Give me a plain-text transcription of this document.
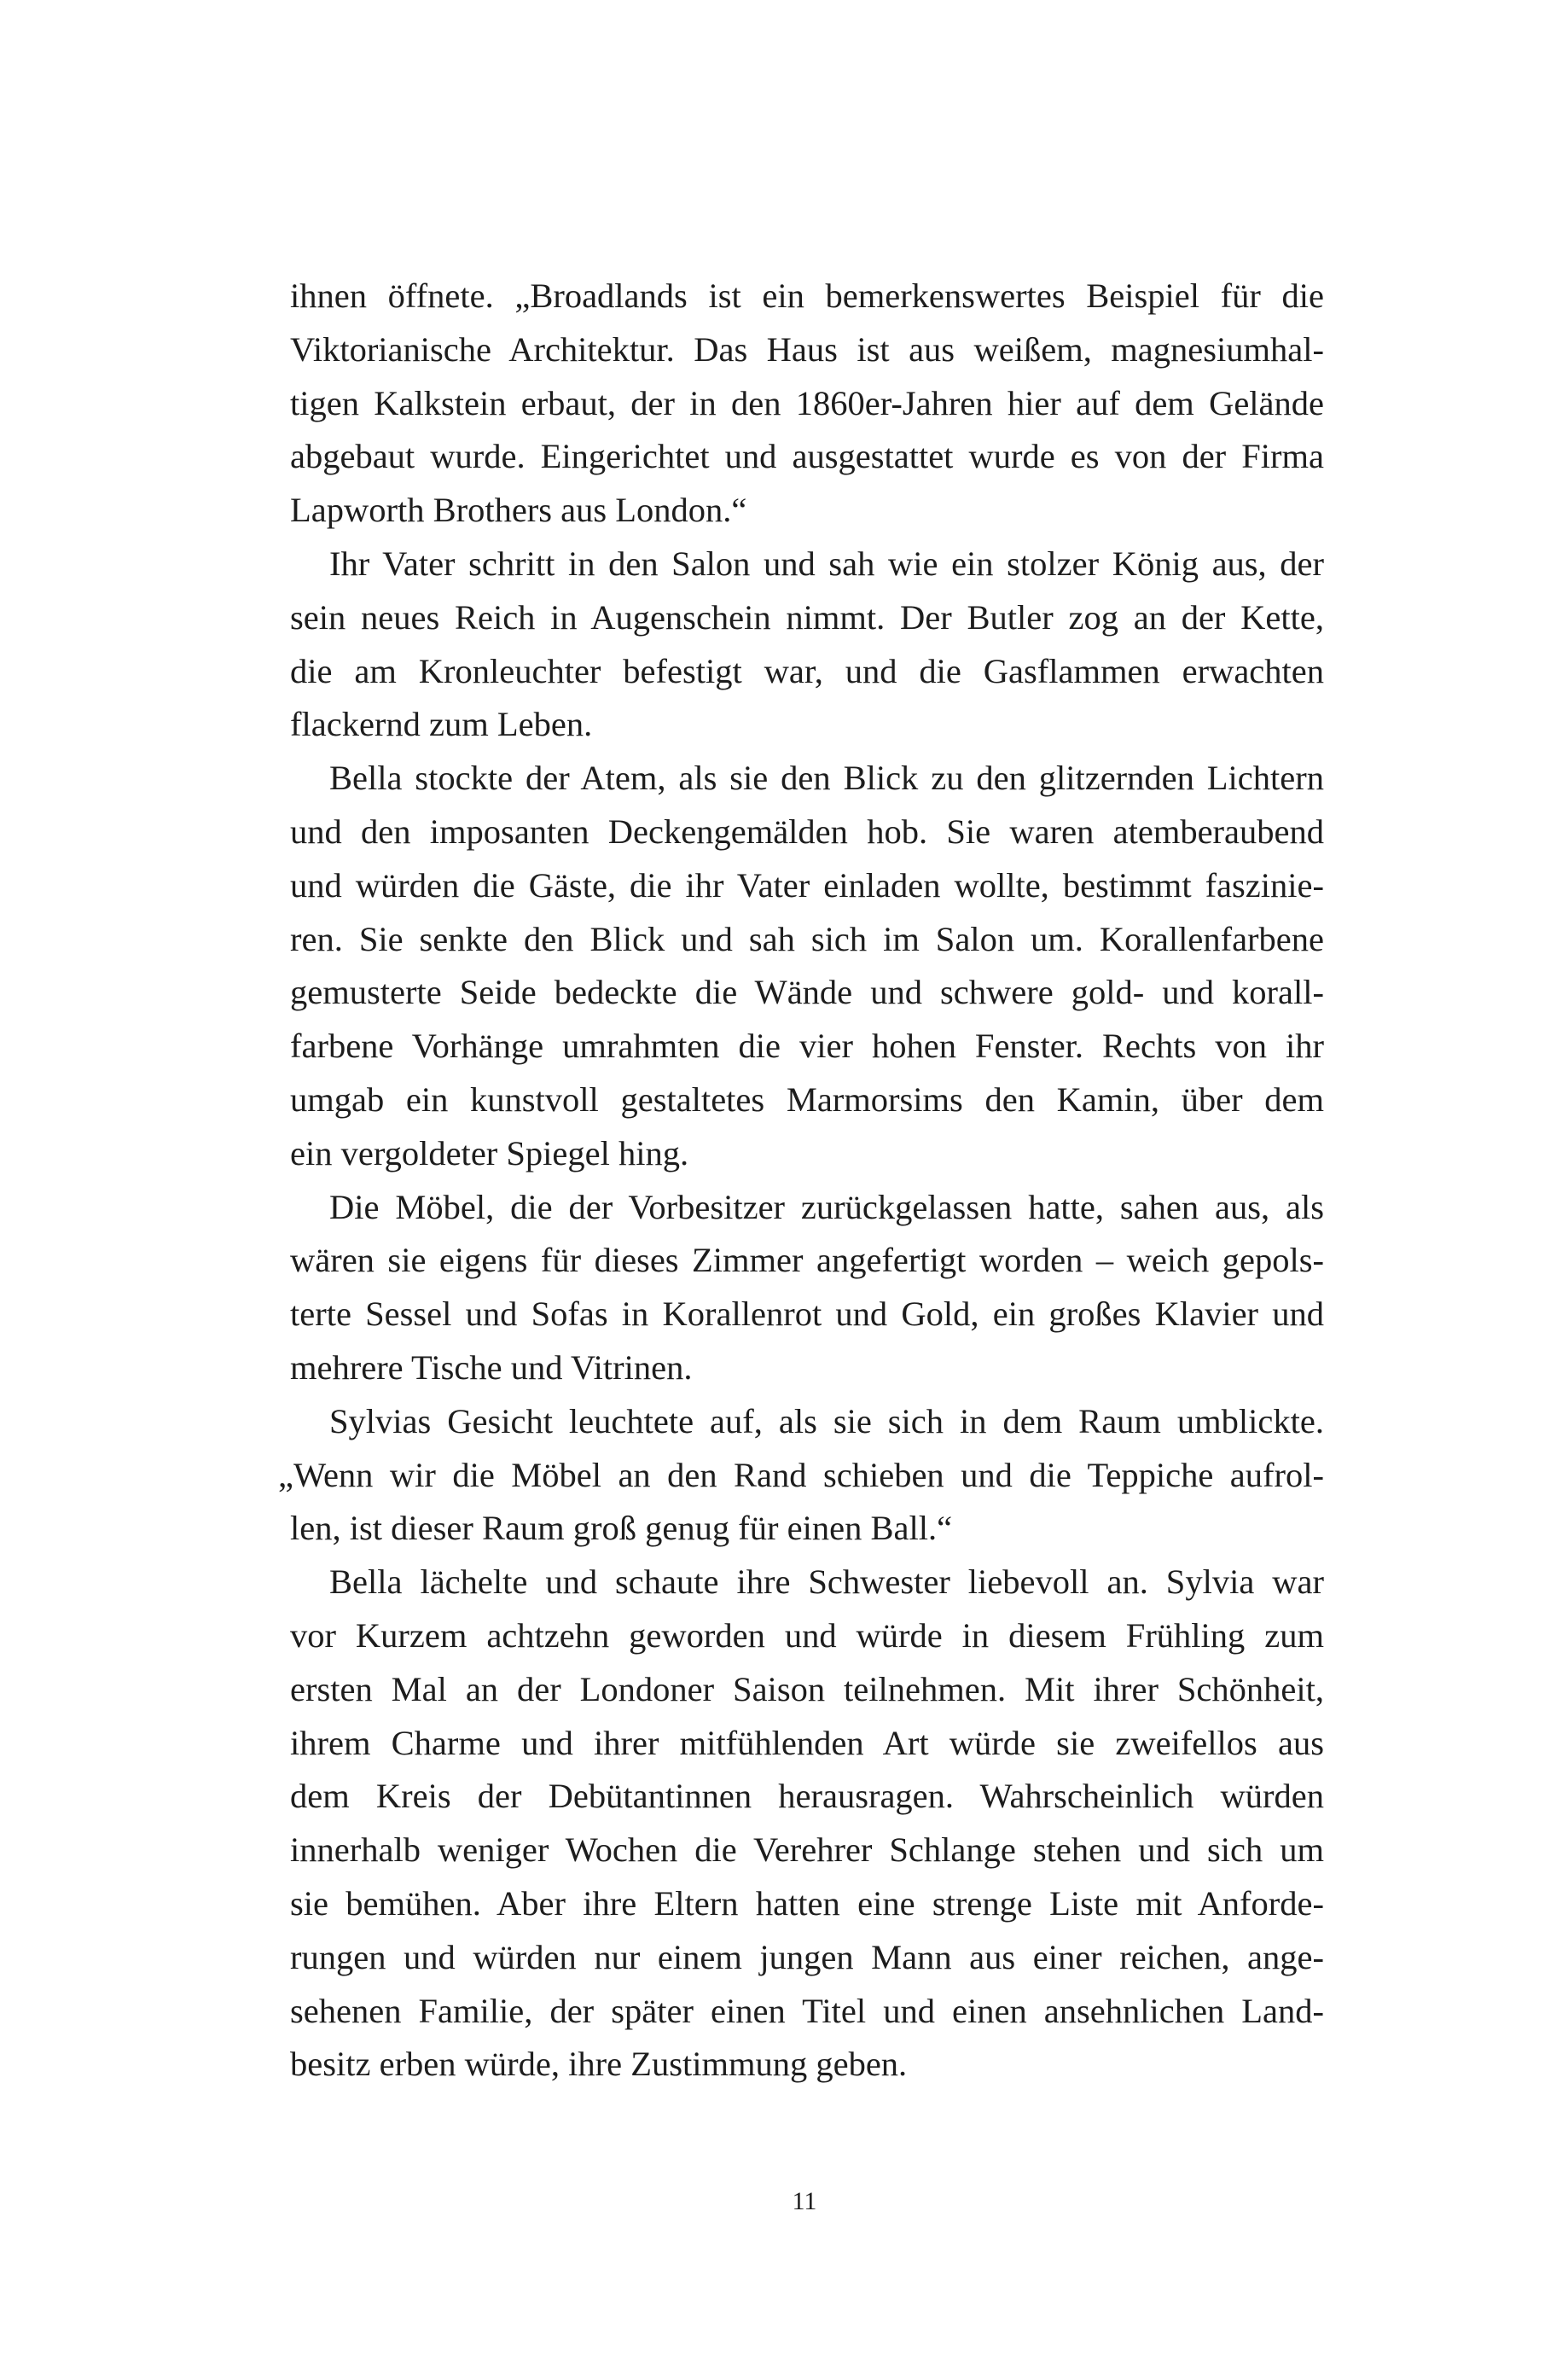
ihnen öffnete. „Broadlands ist ein bemerkenswertes Beispiel für die
Viktorianische Architektur. Das Haus ist aus weißem, magnesiumhal-
tigen Kalkstein erbaut, der in den 1860er-Jahren hier auf dem Gelände
abgebaut wurde. Eingerichtet und ausgestattet wurde es von der Firma
Lapworth Brothers aus London.“
Ihr Vater schritt in den Salon und sah wie ein stolzer König aus, der
sein neues Reich in Augenschein nimmt. Der Butler zog an der Kette,
die am Kronleuchter befestigt war, und die Gasflammen erwachten
flackernd zum Leben.
Bella stockte der Atem, als sie den Blick zu den glitzernden Lichtern
und den imposanten Deckengemälden hob. Sie waren atemberaubend
und würden die Gäste, die ihr Vater einladen wollte, bestimmt faszinie-
ren. Sie senkte den Blick und sah sich im Salon um. Korallenfarbene
gemusterte Seide bedeckte die Wände und schwere gold- und korall-
farbene Vorhänge umrahmten die vier hohen Fenster. Rechts von ihr
umgab ein kunstvoll gestaltetes Marmorsims den Kamin, über dem
ein vergoldeter Spiegel hing.
Die Möbel, die der Vorbesitzer zurückgelassen hatte, sahen aus, als
wären sie eigens für dieses Zimmer angefertigt worden – weich gepols-
terte Sessel und Sofas in Korallenrot und Gold, ein großes Klavier und
mehrere Tische und Vitrinen.
Sylvias Gesicht leuchtete auf, als sie sich in dem Raum umblickte.
„Wenn wir die Möbel an den Rand schieben und die Teppiche aufrol-
len, ist dieser Raum groß genug für einen Ball.“
Bella lächelte und schaute ihre Schwester liebevoll an. Sylvia war
vor Kurzem achtzehn geworden und würde in diesem Frühling zum
ersten Mal an der Londoner Saison teilnehmen. Mit ihrer Schönheit,
ihrem Charme und ihrer mitfühlenden Art würde sie zweifellos aus
dem Kreis der Debütantinnen herausragen. Wahrscheinlich würden
innerhalb weniger Wochen die Verehrer Schlange stehen und sich um
sie bemühen. Aber ihre Eltern hatten eine strenge Liste mit Anforde-
rungen und würden nur einem jungen Mann aus einer reichen, ange-
sehenen Familie, der später einen Titel und einen ansehnlichen Land-
besitz erben würde, ihre Zustimmung geben.
11
